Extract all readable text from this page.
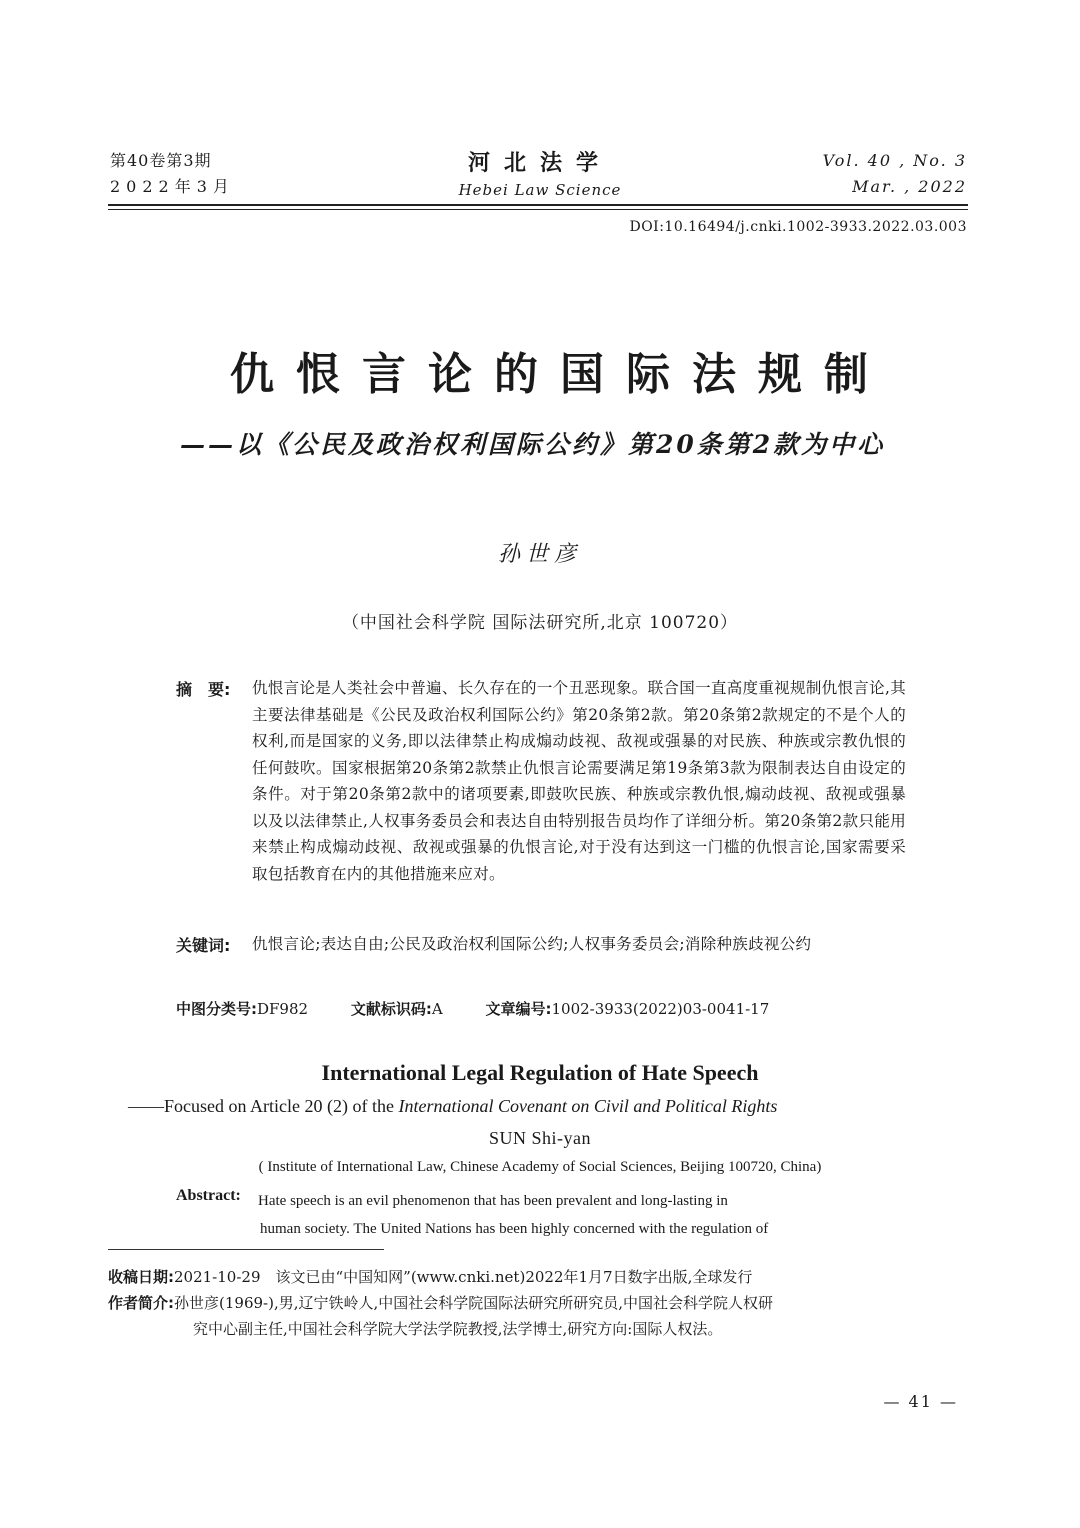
第40卷第3期
2022年3月
河北法学
Hebei Law Science
Vol. 40 , No. 3
Mar. , 2022
DOI:10.16494/j.cnki.1002-3933.2022.03.003
仇恨言论的国际法规制
——以《公民及政治权利国际公约》第20条第2款为中心
孙世彦
（中国社会科学院 国际法研究所,北京 100720）
摘　要: 仇恨言论是人类社会中普遍、长久存在的一个丑恶现象。联合国一直高度重视规制仇恨言论,其主要法律基础是《公民及政治权利国际公约》第20条第2款。第20条第2款规定的不是个人的权利,而是国家的义务,即以法律禁止构成煽动歧视、敌视或强暴的对民族、种族或宗教仇恨的任何鼓吹。国家根据第20条第2款禁止仇恨言论需要满足第19条第3款为限制表达自由设定的条件。对于第20条第2款中的诸项要素,即鼓吹民族、种族或宗教仇恨,煽动歧视、敌视或强暴以及以法律禁止,人权事务委员会和表达自由特别报告员均作了详细分析。第20条第2款只能用来禁止构成煽动歧视、敌视或强暴的仇恨言论,对于没有达到这一门槛的仇恨言论,国家需要采取包括教育在内的其他措施来应对。
关键词: 仇恨言论;表达自由;公民及政治权利国际公约;人权事务委员会;消除种族歧视公约
中图分类号:DF982	文献标识码:A	文章编号:1002-3933(2022)03-0041-17
International Legal Regulation of Hate Speech
——Focused on Article 20 (2) of the International Covenant on Civil and Political Rights
SUN Shi-yan
( Institute of International Law, Chinese Academy of Social Sciences, Beijing 100720, China)
Abstract: Hate speech is an evil phenomenon that has been prevalent and long-lasting in
human society. The United Nations has been highly concerned with the regulation of
收稿日期:2021-10-29　该文已由“中国知网”(www.cnki.net)2022年1月7日数字出版,全球发行
作者简介:孙世彦(1969-),男,辽宁铁岭人,中国社会科学院国际法研究所研究员,中国社会科学院人权研
究中心副主任,中国社会科学院大学法学院教授,法学博士,研究方向:国际人权法。
— 41 —
